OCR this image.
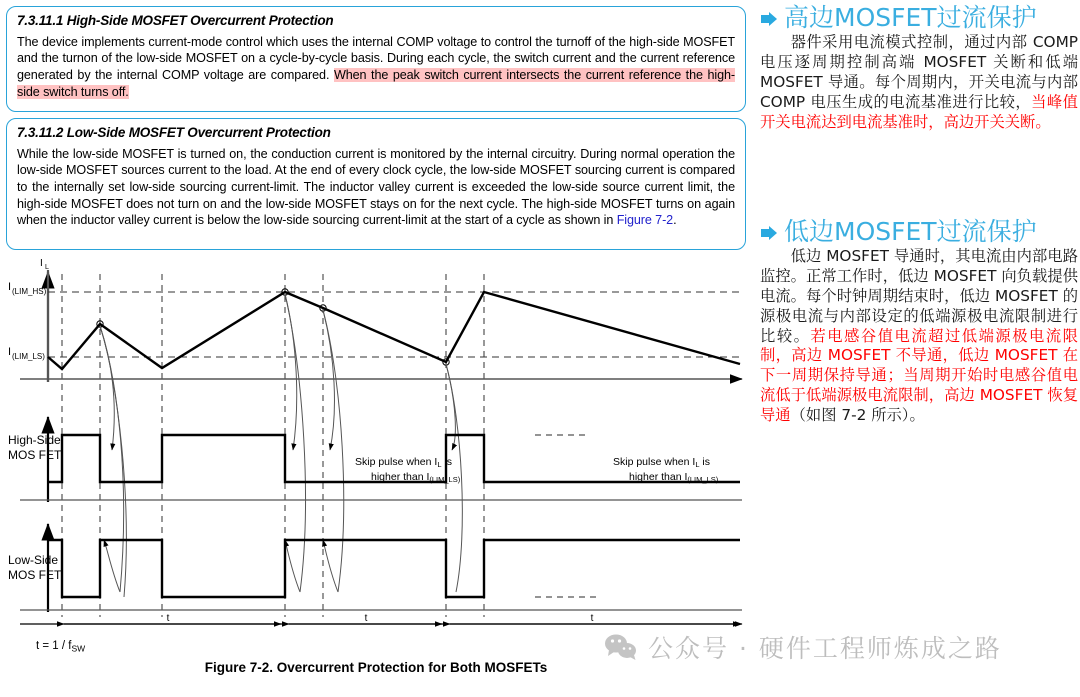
7.3.11.1 High-Side MOSFET Overcurrent Protection

The device implements current-mode control which uses the internal COMP voltage to control the turnoff of the high-side MOSFET and the turnon of the low-side MOSFET on a cycle-by-cycle basis. During each cycle, the switch current and the current reference generated by the internal COMP voltage are compared. When the peak switch current intersects the current reference the high-side switch turns off.

7.3.11.2 Low-Side MOSFET Overcurrent Protection

While the low-side MOSFET is turned on, the conduction current is monitored by the internal circuitry. During normal operation the low-side MOSFET sources current to the load. At the end of every clock cycle, the low-side MOSFET sourcing current is compared to the internally set low-side sourcing current-limit. The inductor valley current is exceeded the low-side source current limit, the high-side MOSFET does not turn on and the low-side MOSFET stays on for the next cycle. The high-side MOSFET turns on again when the inductor valley current is below the low-side sourcing current-limit at the start of a cycle as shown in Figure 7-2.

I L
I (LIM_HS)
I (LIM_LS)
High-Side
MOS FET	Skip pulse when IL is
higher than I(LIM_LS)
Skip pulse when IL is
higher than I(LIM_LS)
Low-Side
MOS FET
t	t	t
$t = 1 / f_{SW}$
Figure 7-2. Overcurrent Protection for Both MOSFETs
高边MOSFET过流保护

器件采用电流模式控制，通过内部 COMP 电压逐周期控制高端 MOSFET 关断和低端 MOSFET 导通。每个周期内，开关电流与内部 COMP 电压生成的电流基准进行比较，当峰值开关电流达到电流基准时，高边开关关断。

低边MOSFET过流保护

低边 MOSFET 导通时，其电流由内部电路监控。正常工作时，低边 MOSFET 向负载提供电流。每个时钟周期结束时，低边 MOSFET 的源极电流与内部设定的低端源极电流限制进行比较。若电感谷值电流超过低端源极电流限制，高边 MOSFET 不导通，低边 MOSFET 在下一周期保持导通；当周期开始时电感谷值电流低于低端源极电流限制，高边 MOSFET 恢复导通（如图 7-2 所示）。

公众号 · 硬件工程师炼成之路
